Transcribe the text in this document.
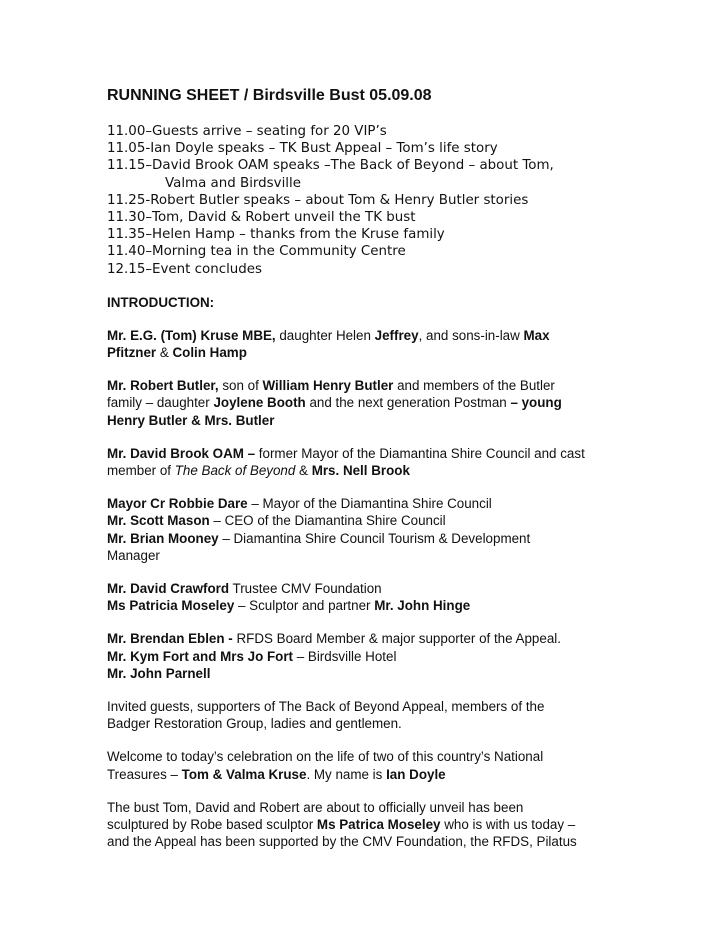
RUNNING SHEET / Birdsville Bust 05.09.08
11.00 – Guests arrive – seating for 20 VIP’s
11.05 - Ian Doyle speaks – TK Bust Appeal – Tom’s life story
11.15 – David Brook OAM speaks –The Back of Beyond – about Tom,
Valma and Birdsville
11.25 - Robert Butler speaks – about Tom & Henry Butler stories
11.30 – Tom, David & Robert unveil the TK bust
11.35 – Helen Hamp – thanks from the Kruse family
11.40 – Morning tea in the Community Centre
12.15 – Event concludes
INTRODUCTION:

Mr. E.G. (Tom) Kruse MBE, daughter Helen Jeffrey, and sons-in-law Max
Pfitzner & Colin Hamp

Mr. Robert Butler, son of William Henry Butler and members of the Butler
family – daughter Joylene Booth and the next generation Postman – young
Henry Butler & Mrs. Butler

Mr. David Brook OAM – former Mayor of the Diamantina Shire Council and cast
member of The Back of Beyond & Mrs. Nell Brook

Mayor Cr Robbie Dare – Mayor of the Diamantina Shire Council
Mr. Scott Mason – CEO of the Diamantina Shire Council
Mr. Brian Mooney – Diamantina Shire Council Tourism & Development
Manager

Mr. David Crawford Trustee CMV Foundation
Ms Patricia Moseley – Sculptor and partner Mr. John Hinge

Mr. Brendan Eblen - RFDS Board Member & major supporter of the Appeal.
Mr. Kym Fort and Mrs Jo Fort – Birdsville Hotel
Mr. John Parnell

Invited guests, supporters of The Back of Beyond Appeal, members of the
Badger Restoration Group, ladies and gentlemen.

Welcome to today’s celebration on the life of two of this country’s National
Treasures – Tom & Valma Kruse. My name is Ian Doyle

The bust Tom, David and Robert are about to officially unveil has been
sculptured by Robe based sculptor Ms Patrica Moseley who is with us today –
and the Appeal has been supported by the CMV Foundation, the RFDS, Pilatus
